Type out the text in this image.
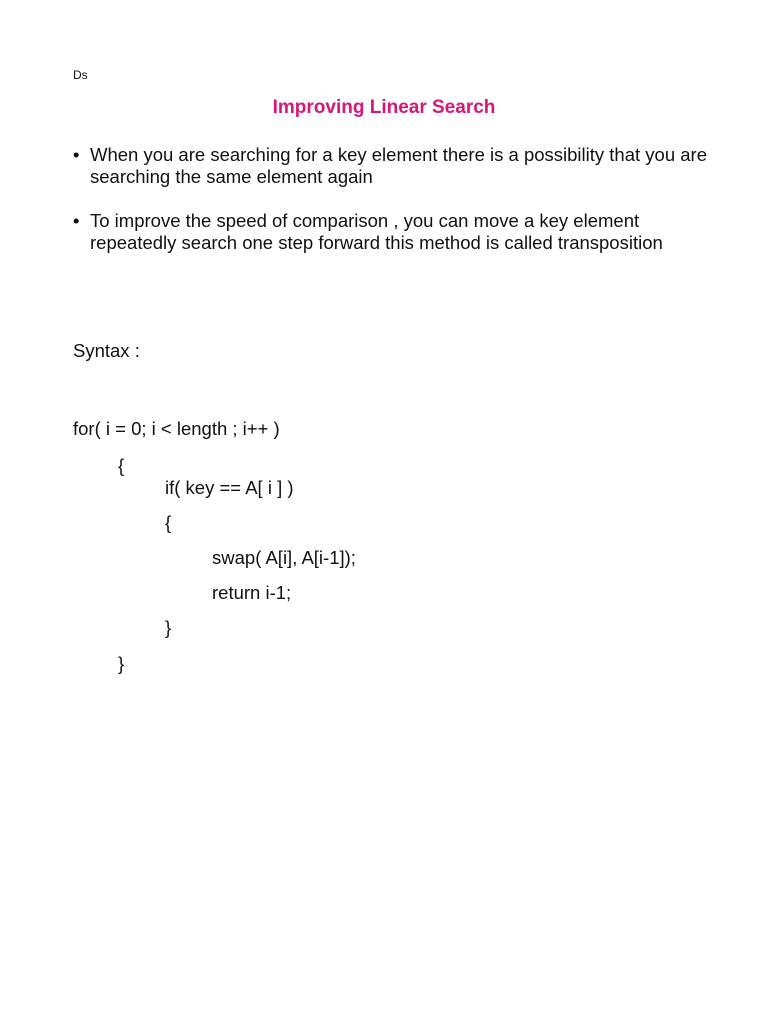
Ds
Improving Linear Search
• When you are searching for a key element there is a possibility that you are searching the same element again
• To improve the speed of comparison , you can move a key element repeatedly search one step forward this method is called transposition
Syntax :
for( i = 0; i < length ; i++ )
{
if( key == A[ i ] )
{
swap( A[i], A[i-1]);
return i-1;
}
}
